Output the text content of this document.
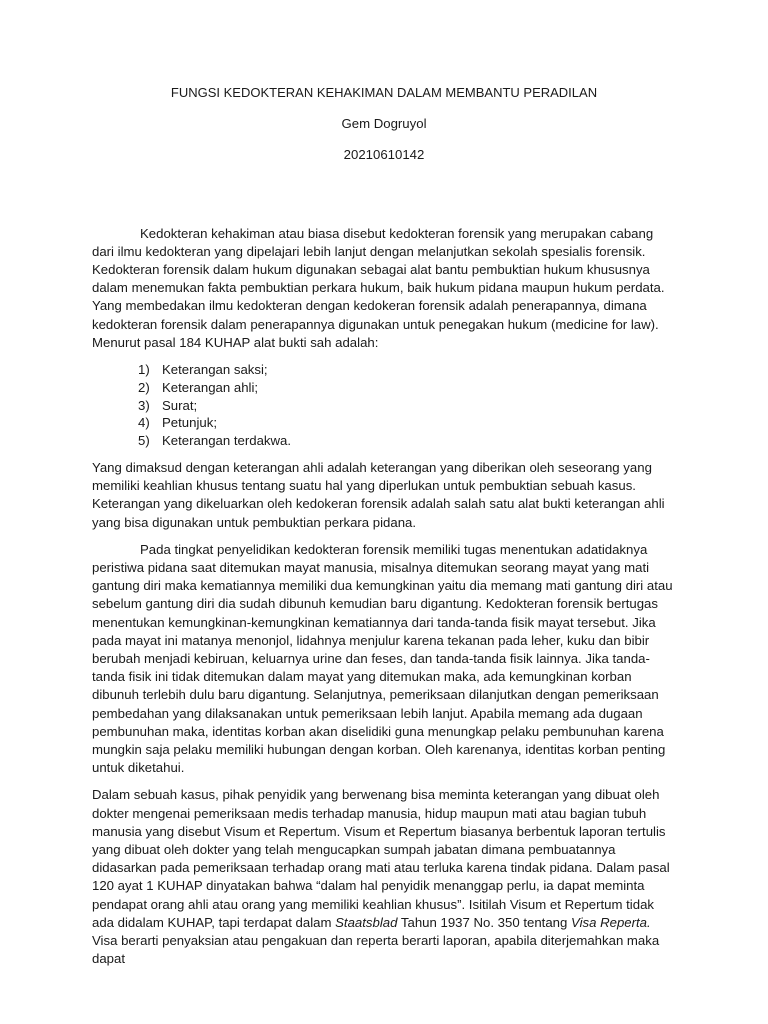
FUNGSI KEDOKTERAN KEHAKIMAN DALAM MEMBANTU PERADILAN

Gem Dogruyol

20210610142

Kedokteran kehakiman atau biasa disebut kedokteran forensik yang merupakan cabang dari ilmu kedokteran yang dipelajari lebih lanjut dengan melanjutkan sekolah spesialis forensik. Kedokteran forensik dalam hukum digunakan sebagai alat bantu pembuktian hukum khususnya dalam menemukan fakta pembuktian perkara hukum, baik hukum pidana maupun hukum perdata. Yang membedakan ilmu kedokteran dengan kedokeran forensik adalah penerapannya, dimana kedokteran forensik dalam penerapannya digunakan untuk penegakan hukum (medicine for law). Menurut pasal 184 KUHAP alat bukti sah adalah:

1) Keterangan saksi;
2) Keterangan ahli;
3) Surat;
4) Petunjuk;
5) Keterangan terdakwa.

Yang dimaksud dengan keterangan ahli adalah keterangan yang diberikan oleh seseorang yang memiliki keahlian khusus tentang suatu hal yang diperlukan untuk pembuktian sebuah kasus. Keterangan yang dikeluarkan oleh kedokeran forensik adalah salah satu alat bukti keterangan ahli yang bisa digunakan untuk pembuktian perkara pidana.

Pada tingkat penyelidikan kedokteran forensik memiliki tugas menentukan adatidaknya peristiwa pidana saat ditemukan mayat manusia, misalnya ditemukan seorang mayat yang mati gantung diri maka kematiannya memiliki dua kemungkinan yaitu dia memang mati gantung diri atau sebelum gantung diri dia sudah dibunuh kemudian baru digantung. Kedokteran forensik bertugas menentukan kemungkinan-kemungkinan kematiannya dari tanda-tanda fisik mayat tersebut. Jika pada mayat ini matanya menonjol, lidahnya menjulur karena tekanan pada leher, kuku dan bibir berubah menjadi kebiruan, keluarnya urine dan feses, dan tanda-tanda fisik lainnya. Jika tanda-tanda fisik ini tidak ditemukan dalam mayat yang ditemukan maka, ada kemungkinan korban dibunuh terlebih dulu baru digantung. Selanjutnya, pemeriksaan dilanjutkan dengan pemeriksaan pembedahan yang dilaksanakan untuk pemeriksaan lebih lanjut. Apabila memang ada dugaan pembunuhan maka, identitas korban akan diselidiki guna menungkap pelaku pembunuhan karena mungkin saja pelaku memiliki hubungan dengan korban. Oleh karenanya, identitas korban penting untuk diketahui.

Dalam sebuah kasus, pihak penyidik yang berwenang bisa meminta keterangan yang dibuat oleh dokter mengenai pemeriksaan medis terhadap manusia, hidup maupun mati atau bagian tubuh manusia yang disebut Visum et Repertum. Visum et Repertum biasanya berbentuk laporan tertulis yang dibuat oleh dokter yang telah mengucapkan sumpah jabatan dimana pembuatannya didasarkan pada pemeriksaan terhadap orang mati atau terluka karena tindak pidana. Dalam pasal 120 ayat 1 KUHAP dinyatakan bahwa “dalam hal penyidik menanggap perlu, ia dapat meminta pendapat orang ahli atau orang yang memiliki keahlian khusus”. Isitilah Visum et Repertum tidak ada didalam KUHAP, tapi terdapat dalam Staatsblad Tahun 1937 No. 350 tentang Visa Reperta. Visa berarti penyaksian atau pengakuan dan reperta berarti laporan, apabila diterjemahkan maka dapat
